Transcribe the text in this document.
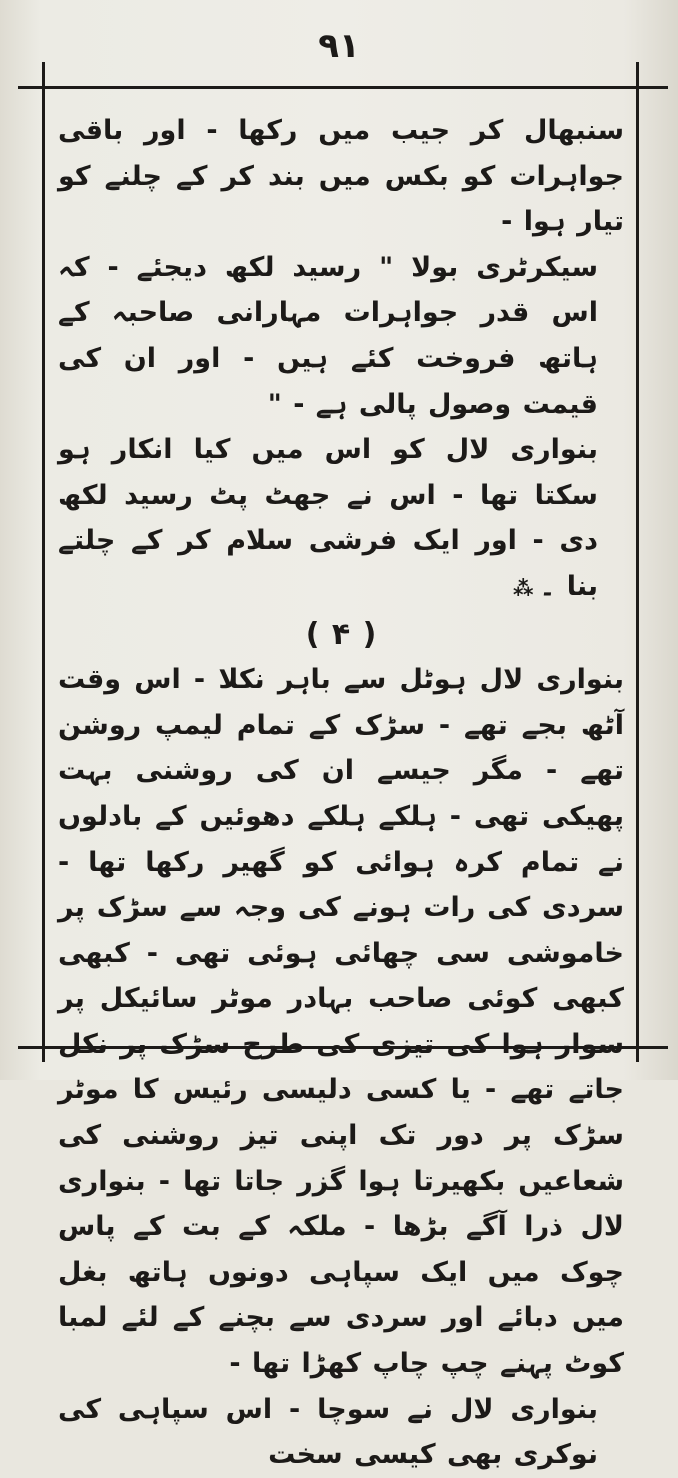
۹۱

سنبھال کر جیب میں رکھا - اور باقی جواہرات کو بکس میں بند کر کے چلنے کو تیار ہوا -

سیکرٹری بولا " رسید لکھ دیجئے - کہ اس قدر جواہرات مہارانی صاحبہ کے ہاتھ فروخت کئے ہیں - اور ان کی قیمت وصول پالی ہے - "

بنواری لال کو اس میں کیا انکار ہو سکتا تھا - اس نے جھٹ پٹ رسید لکھ دی - اور ایک فرشی سلام کر کے چلتے بنا ۔⁂

( ۴ )

بنواری لال ہوٹل سے باہر نکلا - اس وقت آٹھ بجے تھے - سڑک کے تمام لیمپ روشن تھے - مگر جیسے ان کی روشنی بہت پھیکی تھی - ہلکے ہلکے دھوئیں کے بادلوں نے تمام کرہ ہوائی کو گھیر رکھا تھا - سردی کی رات ہونے کی وجہ سے سڑک پر خاموشی سی چھائی ہوئی تھی - کبھی کبھی کوئی صاحب بہادر موٹر سائیکل پر سوار ہوا کی تیزی کی طرح سڑک پر نکل جاتے تھے - یا کسی دلیسی رئیس کا موٹر سڑک پر دور تک اپنی تیز روشنی کی شعاعیں بکھیرتا ہوا گزر جاتا تھا - بنواری لال ذرا آگے بڑھا - ملکہ کے بت کے پاس چوک میں ایک سپاہی دونوں ہاتھ بغل میں دبائے اور سردی سے بچنے کے لئے لمبا کوٹ پہنے چپ چاپ کھڑا تھا -

بنواری لال نے سوچا - اس سپاہی کی نوکری بھی کیسی سخت
